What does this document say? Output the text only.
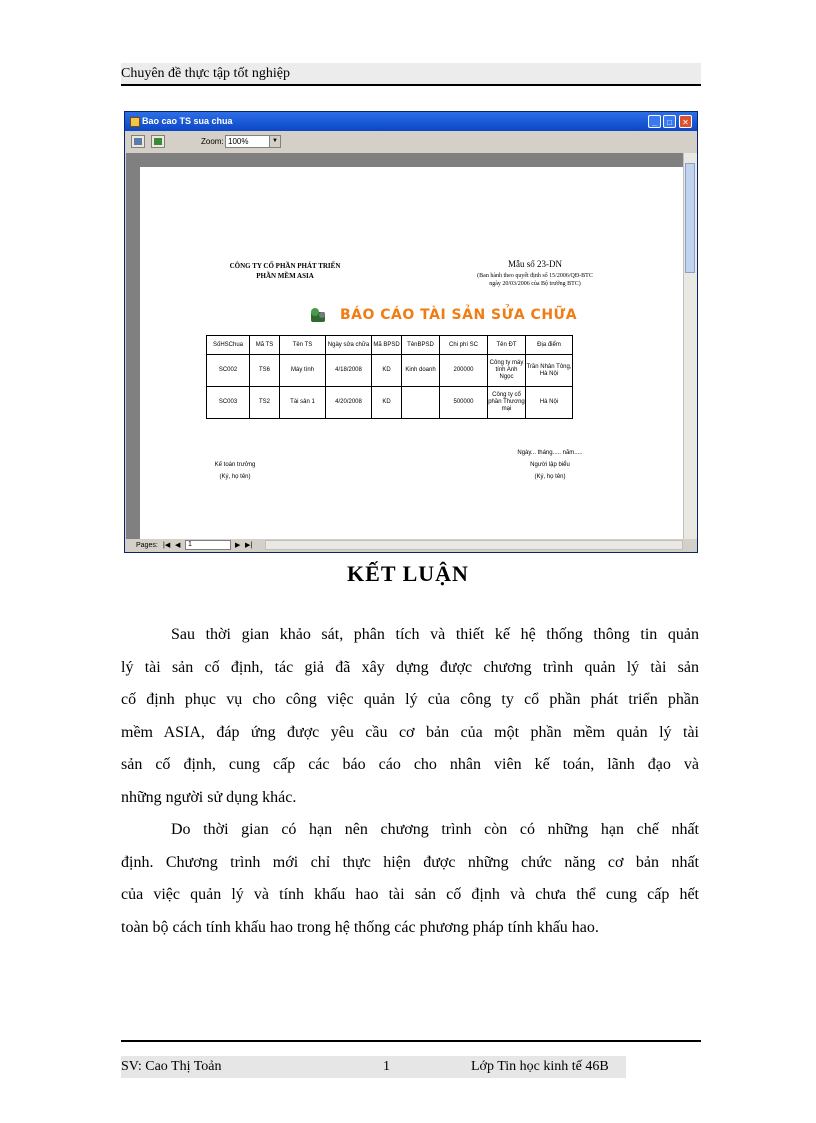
Chuyên đề thực tập tốt nghiệp
Bao cao TS sua chua	_	□	✕
Zoom: 100%	▼
CÔNG TY CỔ PHẦN PHÁT TRIỂN
PHẦN MỀM ASIA
Mẫu số 23-DN
(Ban hành theo quyết định số 15/2006/QĐ-BTC
ngày 20/03/2006 của Bộ trưởng BTC)
BÁO CÁO TÀI SẢN SỬA CHỮA
SốHSChua	Mã TS	Tên TS	Ngày sửa chữa	Mã BPSD	TênBPSD	Chi phí SC	Tên ĐT	Địa điểm
SC002	TS6	Máy tính	4/18/2008	KD	Kinh doanh	200000	Công ty máy tính Anh Ngọc	Trần Nhân Tông, Hà Nội
SC003	TS2	Tài sản 1	4/20/2008	KD		500000	Công ty cổ phần Thương mại	Hà Nội
Ngày... tháng..... năm.....
Kế toán trưởng
(Ký, họ tên)
Người lập biểu
(Ký, họ tên)
Pages: |◀ ◀	1	▶ ▶|
KẾT LUẬN
Sau thời gian khảo sát, phân tích và thiết kế hệ thống thông tin quản
lý tài sản cố định, tác giả đã xây dựng được chương trình quản lý tài sản
cố định phục vụ cho công việc quản lý của công ty cổ phần phát triển phần
mềm ASIA, đáp ứng được yêu cầu cơ bản của một phần mềm quản lý tài
sản cố định, cung cấp các báo cáo cho nhân viên kế toán, lãnh đạo và
những người sử dụng khác.
Do thời gian có hạn nên chương trình còn có những hạn chế nhất
định. Chương trình mới chỉ thực hiện được những chức năng cơ bản nhất
của việc quản lý và tính khấu hao tài sản cố định và chưa thể cung cấp hết
toàn bộ cách tính khấu hao trong hệ thống các phương pháp tính khấu hao.
SV: Cao Thị Toản	1	Lớp Tin học kinh tế 46B
